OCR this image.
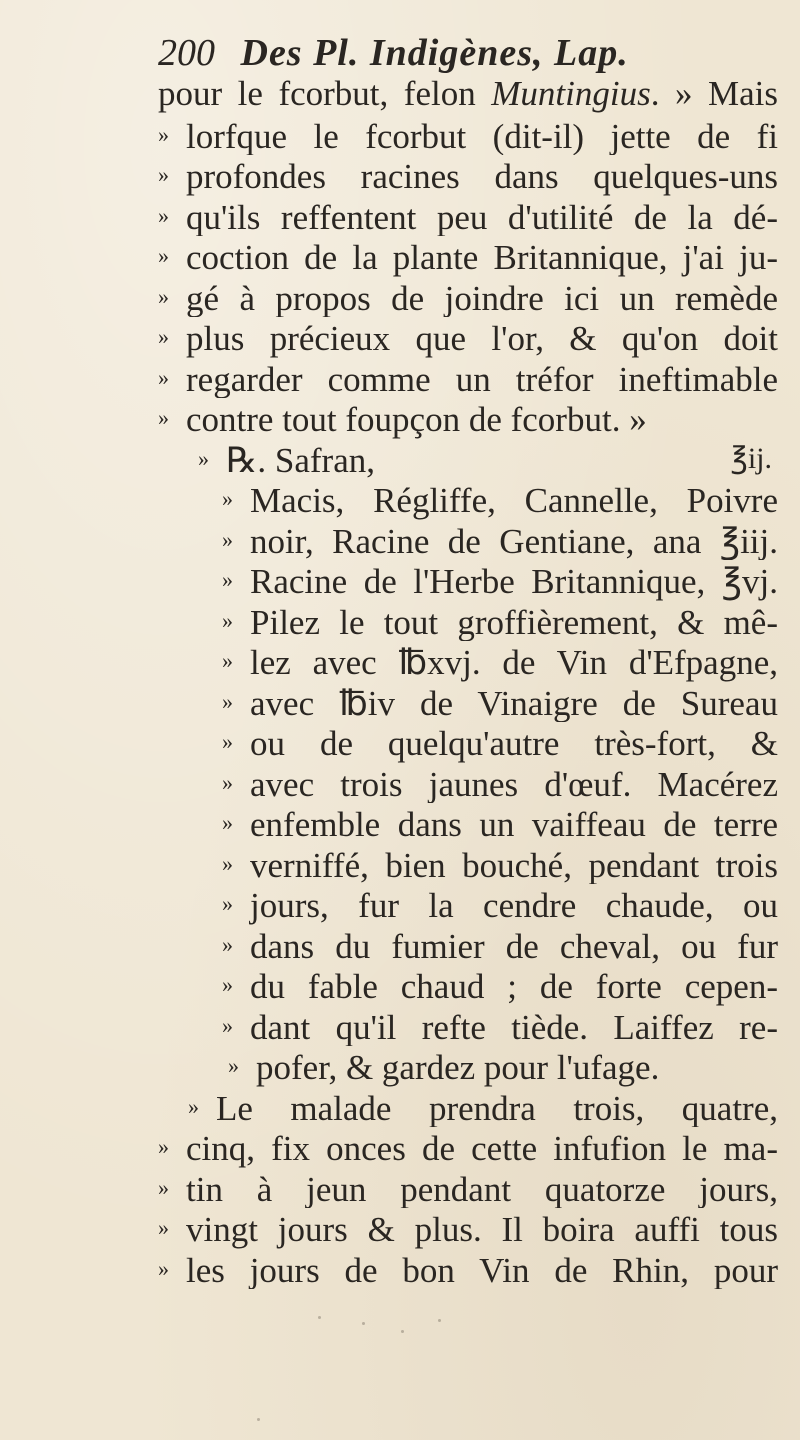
200 Des Pl. Indigènes, Lap.
pour le fcorbut, felon Muntingius. » Mais
» lorfque le fcorbut (dit-il) jette de fi
» profondes racines dans quelques-uns
» qu'ils reffentent peu d'utilité de la dé-
» coction de la plante Britannique, j'ai ju-
» gé à propos de joindre ici un remède
» plus précieux que l'or, & qu'on doit
» regarder comme un tréfor ineftimable
» contre tout foupçon de fcorbut. »
» ℞. Safran,	℥ij.
» Macis, Régliffe, Cannelle, Poivre
» noir, Racine de Gentiane, ana ℥iij.
» Racine de l'Herbe Britannique, ℥vj.
» Pilez le tout groffièrement, & mê-
» lez avec ℔xvj. de Vin d'Efpagne,
» avec ℔iv de Vinaigre de Sureau
» ou de quelqu'autre très-fort, &
» avec trois jaunes d'œuf. Macérez
» enfemble dans un vaiffeau de terre
» verniffé, bien bouché, pendant trois
» jours, fur la cendre chaude, ou
» dans du fumier de cheval, ou fur
» du fable chaud ; de forte cepen-
» dant qu'il refte tiède. Laiffez re-
» pofer, & gardez pour l'ufage.
» Le malade prendra trois, quatre,
» cinq, fix onces de cette infufion le ma-
» tin à jeun pendant quatorze jours,
» vingt jours & plus. Il boira auffi tous
» les jours de bon Vin de Rhin, pour
